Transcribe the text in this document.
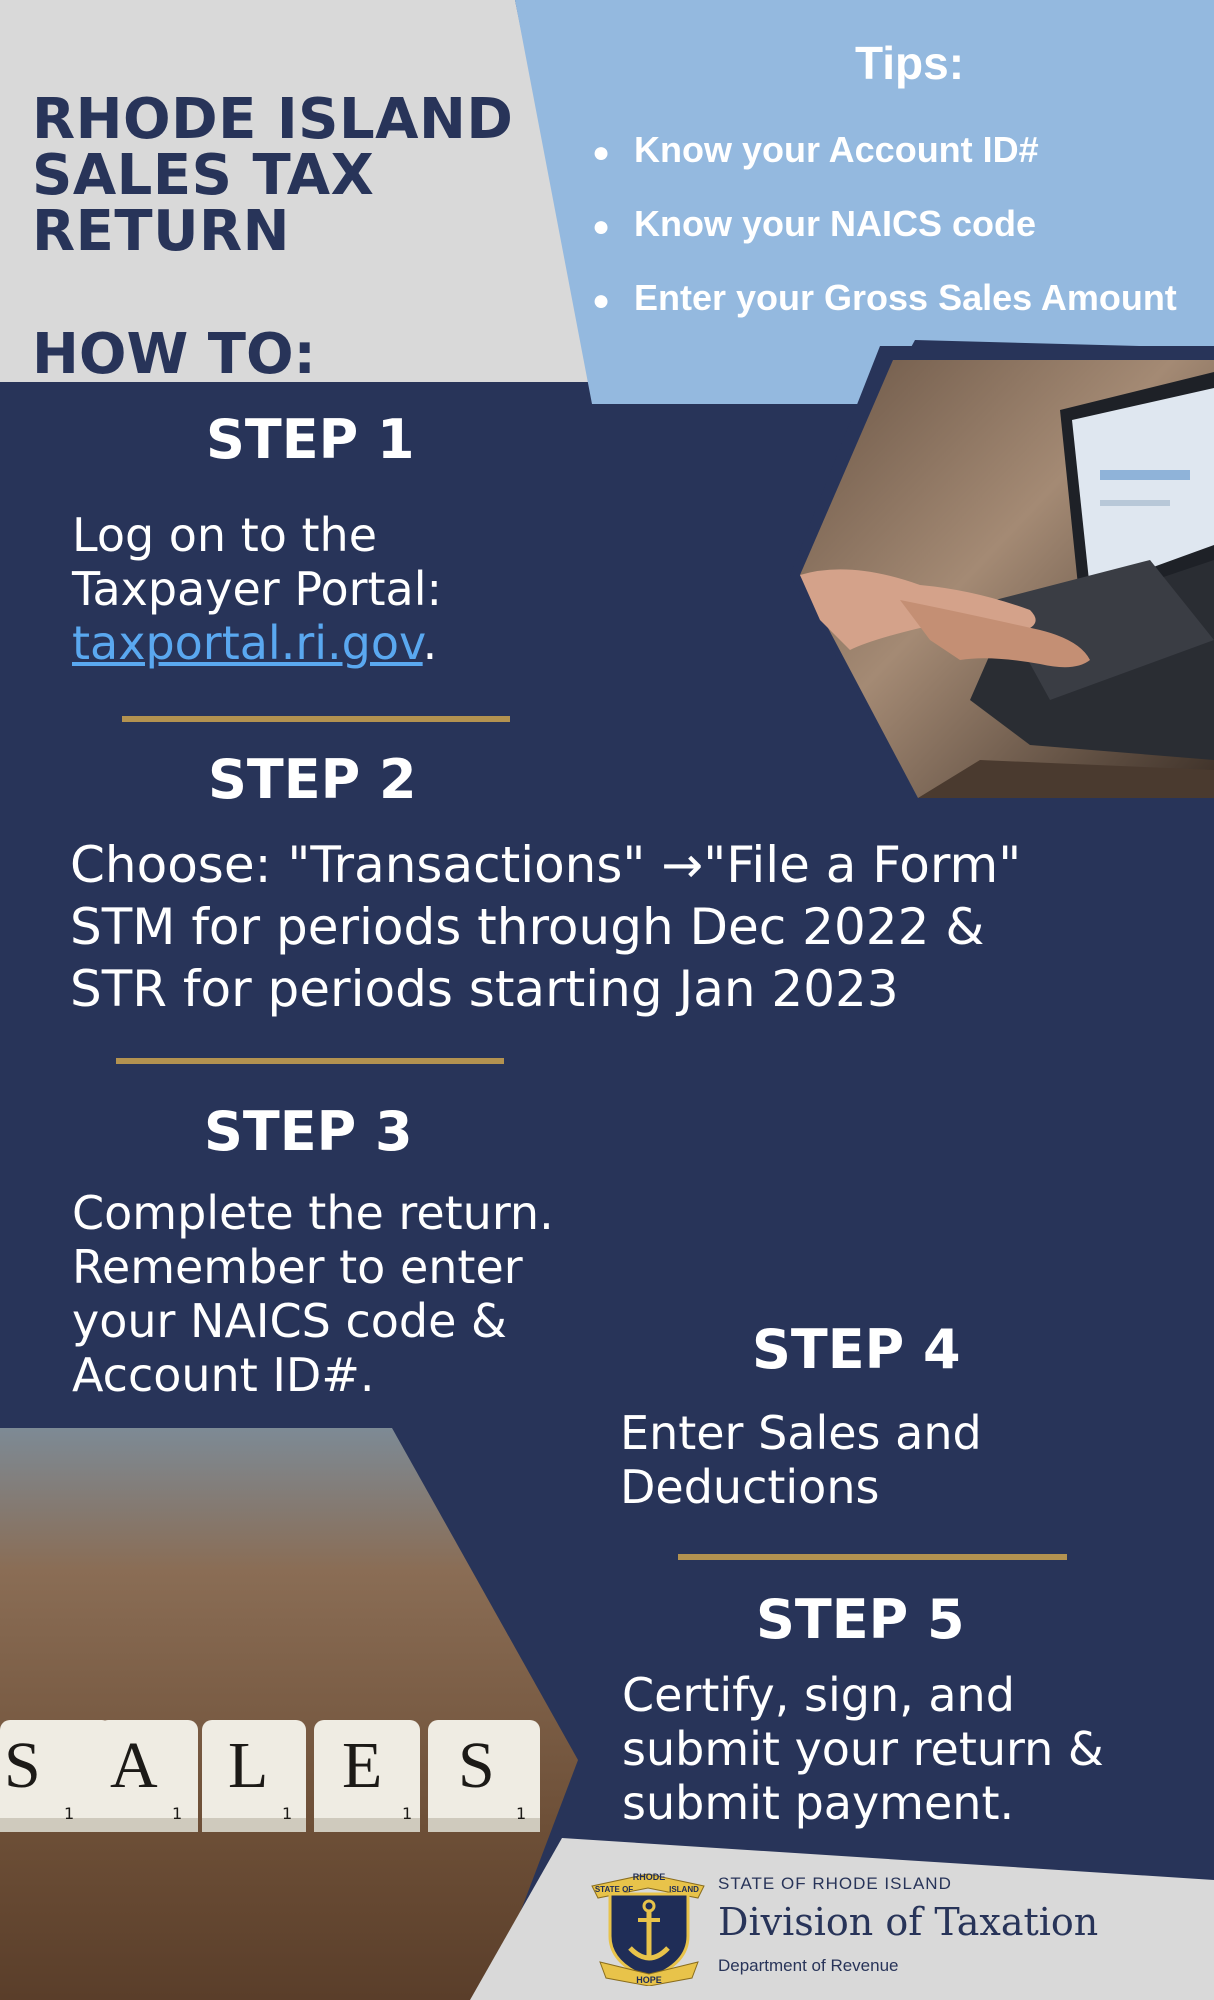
RHODE ISLAND
SALES TAX
RETURN
HOW TO:
Tips:
● Know your Account ID#
● Know your NAICS code
● Enter your Gross Sales Amount
STEP 1
Log on to the
Taxpayer Portal:
taxportal.ri.gov.
STEP 2
Choose: "Transactions" →"File a Form"
STM for periods through Dec 2022 &
STR for periods starting Jan 2023
STEP 3
Complete the return.
Remember to enter
your NAICS code &
Account ID#.	STEP 4
Enter Sales and
Deductions
STEP 5
Certify, sign, and
submit your return &
submit payment.
S A L E S
1	1	1	1	1
RHODE
STATE OF	ISLAND
HOPE
STATE OF RHODE ISLAND
Division of Taxation
Department of Revenue
